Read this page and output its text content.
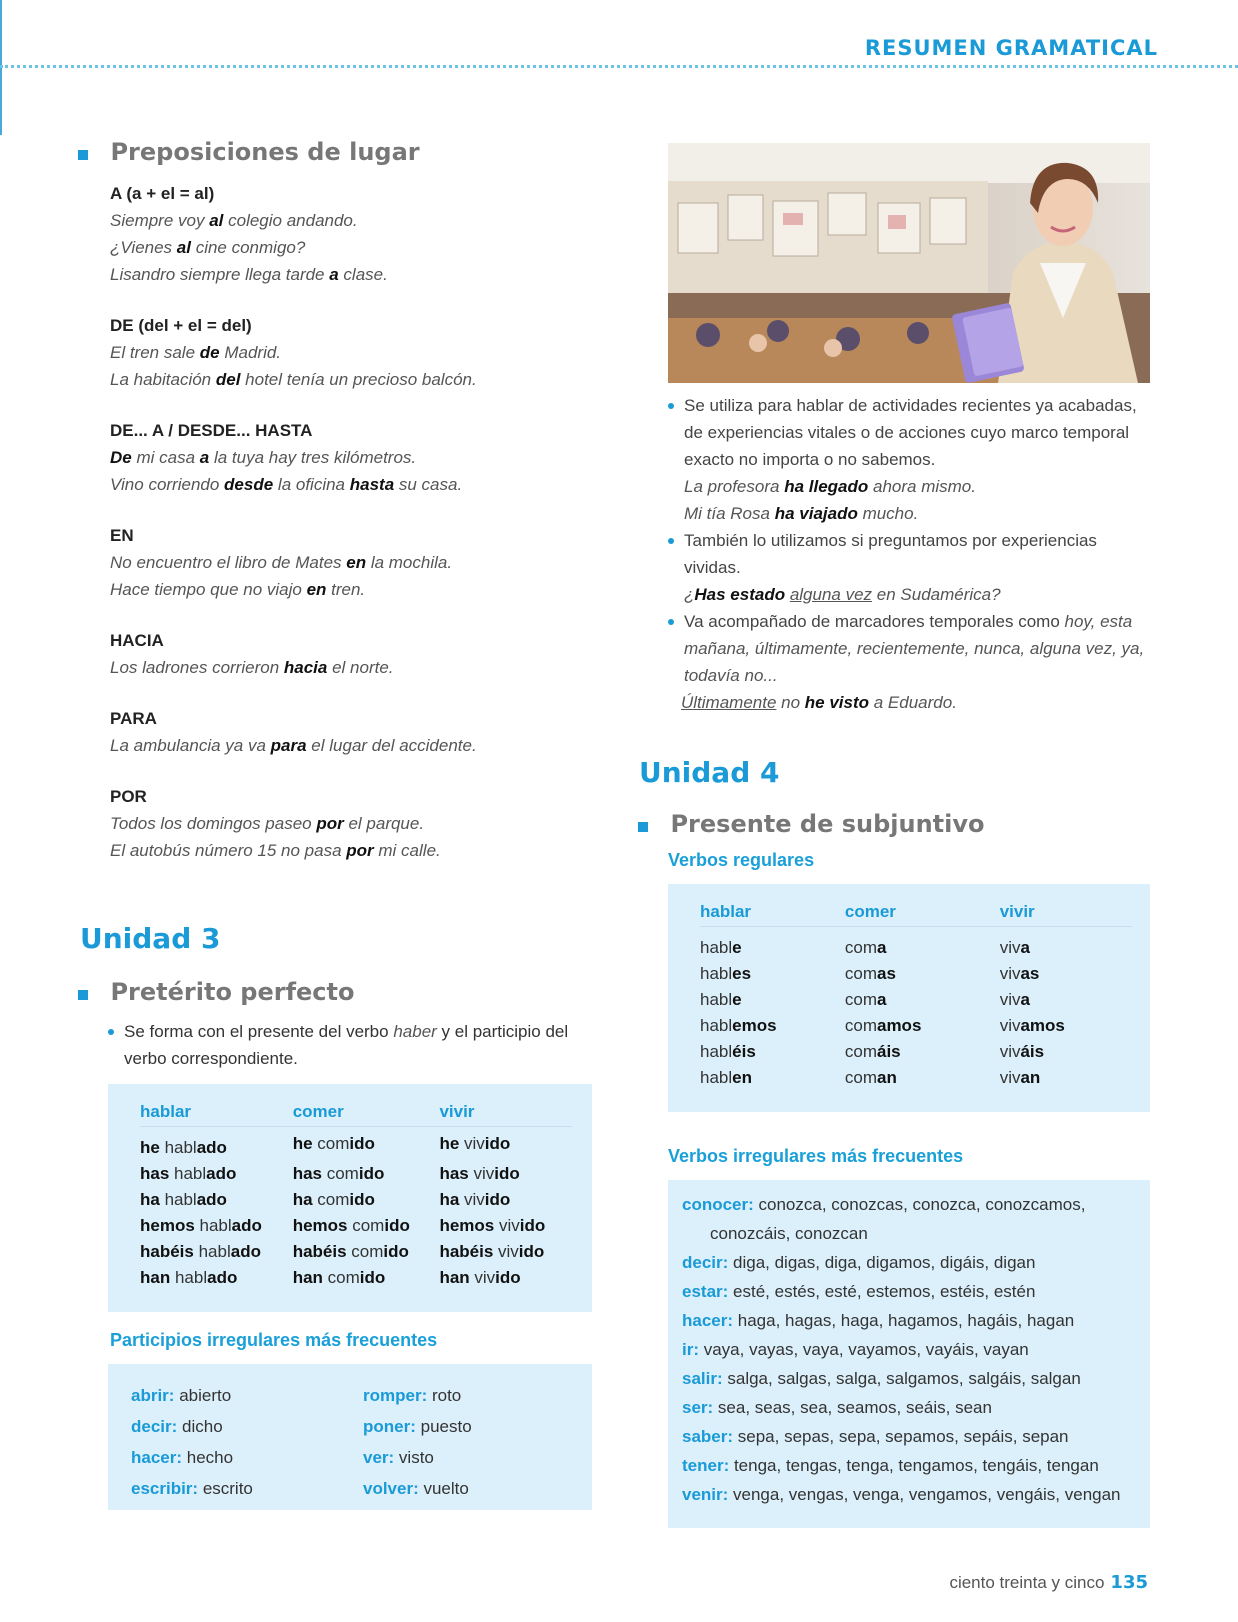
RESUMEN GRAMATICAL
Preposiciones de lugar
A (a + el = al)
Siempre voy al colegio andando.
¿Vienes al cine conmigo?
Lisandro siempre llega tarde a clase.
DE (del + el = del)
El tren sale de Madrid.
La habitación del hotel tenía un precioso balcón.
DE... A / DESDE... HASTA
De mi casa a la tuya hay tres kilómetros.
Vino corriendo desde la oficina hasta su casa.
EN
No encuentro el libro de Mates en la mochila.
Hace tiempo que no viajo en tren.
HACIA
Los ladrones corrieron hacia el norte.
PARA
La ambulancia ya va para el lugar del accidente.
POR
Todos los domingos paseo por el parque.
El autobús número 15 no pasa por mi calle.
Unidad 3
Pretérito perfecto
Se forma con el presente del verbo haber y el participio del verbo correspondiente.
hablar	comer	vivir
he hablado	he comido	he vivido
has hablado	has comido	has vivido
ha hablado	ha comido	ha vivido
hemos hablado	hemos comido	hemos vivido
habéis hablado	habéis comido	habéis vivido
han hablado	han comido	han vivido
Participios irregulares más frecuentes
abrir: abierto	romper: roto
decir: dicho	poner: puesto
hacer: hecho	ver: visto
escribir: escrito	volver: vuelto
Se utiliza para hablar de actividades recientes ya acabadas, de experiencias vitales o de acciones cuyo marco temporal exacto no importa o no sabemos.
La profesora ha llegado ahora mismo.
Mi tía Rosa ha viajado mucho.
También lo utilizamos si preguntamos por experiencias vividas.
¿Has estado alguna vez en Sudamérica?
Va acompañado de marcadores temporales como hoy, esta mañana, últimamente, recientemente, nunca, alguna vez, ya, todavía no...
Últimamente no he visto a Eduardo.
Unidad 4
Presente de subjuntivo
Verbos regulares
hablar	comer	vivir
hable	coma	viva
hables	comas	vivas
hable	coma	viva
hablemos	comamos	vivamos
habléis	comáis	viváis
hablen	coman	vivan
Verbos irregulares más frecuentes
conocer: conozca, conozcas, conozca, conozcamos,
conozcáis, conozcan
decir: diga, digas, diga, digamos, digáis, digan
estar: esté, estés, esté, estemos, estéis, estén
hacer: haga, hagas, haga, hagamos, hagáis, hagan
ir: vaya, vayas, vaya, vayamos, vayáis, vayan
salir: salga, salgas, salga, salgamos, salgáis, salgan
ser: sea, seas, sea, seamos, seáis, sean
saber: sepa, sepas, sepa, sepamos, sepáis, sepan
tener: tenga, tengas, tenga, tengamos, tengáis, tengan
venir: venga, vengas, venga, vengamos, vengáis, vengan
ciento treinta y cinco 135
